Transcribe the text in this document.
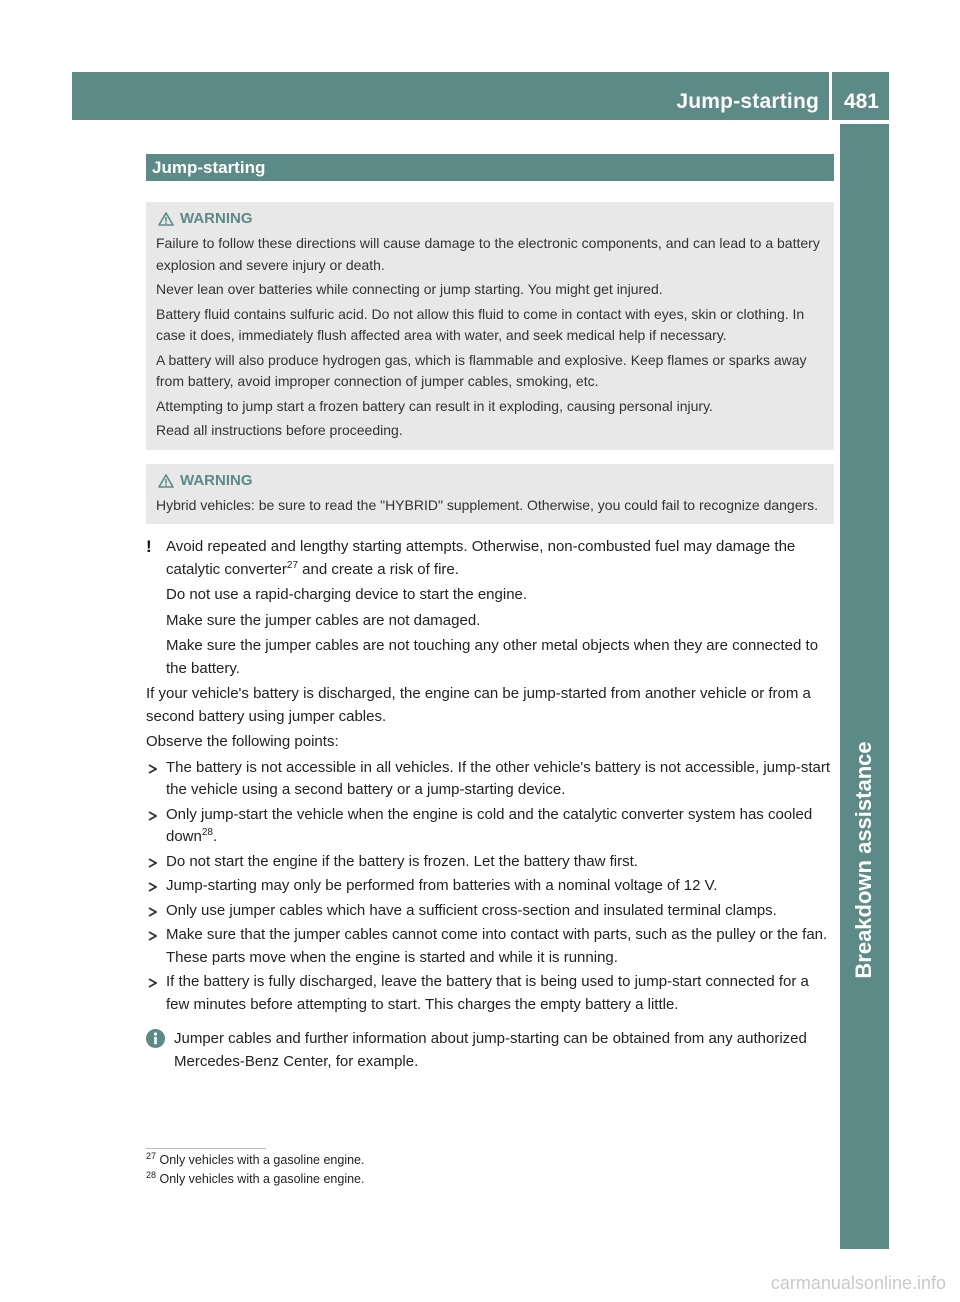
Jump-starting 481
Breakdown assistance
Jump-starting
WARNING

Failure to follow these directions will cause damage to the electronic components, and can lead to a battery explosion and severe injury or death.

Never lean over batteries while connecting or jump starting. You might get injured.

Battery fluid contains sulfuric acid. Do not allow this fluid to come in contact with eyes, skin or clothing. In case it does, immediately flush affected area with water, and seek medical help if necessary.

A battery will also produce hydrogen gas, which is flammable and explosive. Keep flames or sparks away from battery, avoid improper connection of jumper cables, smoking, etc.

Attempting to jump start a frozen battery can result in it exploding, causing personal injury.

Read all instructions before proceeding.

WARNING

Hybrid vehicles: be sure to read the "HYBRID" supplement. Otherwise, you could fail to recognize dangers.

! Avoid repeated and lengthy starting attempts. Otherwise, non-combusted fuel may damage the catalytic converter$^{27}$ and create a risk of fire.

Do not use a rapid-charging device to start the engine.

Make sure the jumper cables are not damaged.

Make sure the jumper cables are not touching any other metal objects when they are connected to the battery.

If your vehicle's battery is discharged, the engine can be jump-started from another vehicle or from a second battery using jumper cables.

Observe the following points:

The battery is not accessible in all vehicles. If the other vehicle's battery is not accessible, jump-start the vehicle using a second battery or a jump-starting device.
Only jump-start the vehicle when the engine is cold and the catalytic converter system has cooled down$^{28}$.
Do not start the engine if the battery is frozen. Let the battery thaw first.
Jump-starting may only be performed from batteries with a nominal voltage of 12 V.
Only use jumper cables which have a sufficient cross-section and insulated terminal clamps.
Make sure that the jumper cables cannot come into contact with parts, such as the pulley or the fan. These parts move when the engine is started and while it is running.
If the battery is fully discharged, leave the battery that is being used to jump-start connected for a few minutes before attempting to start. This charges the empty battery a little.
Jumper cables and further information about jump-starting can be obtained from any authorized Mercedes-Benz Center, for example.
$^{27}$ Only vehicles with a gasoline engine.
$^{28}$ Only vehicles with a gasoline engine.
carmanualsonline.info
